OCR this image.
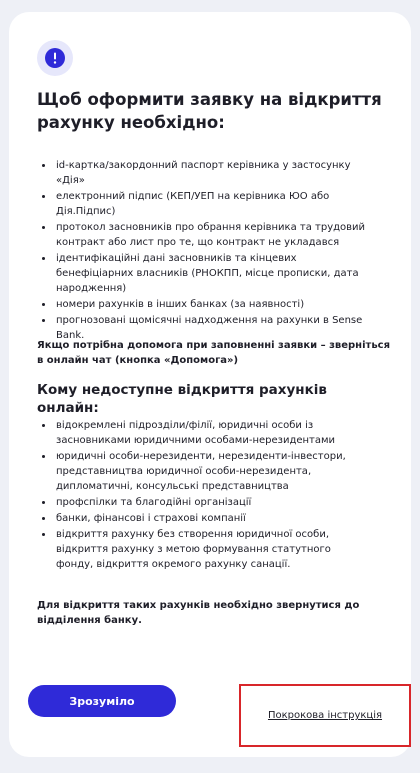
Щоб оформити заявку на відкриття рахунку необхідно:
id-картка/закордонний паспорт керівника у застосунку «Дія»
електронний підпис (КЕП/УЕП на керівника ЮО або Дія.Підпис)
протокол засновників про обрання керівника та трудовий контракт або лист про те, що контракт не укладався
ідентифікаційні дані засновників та кінцевих бенефіціарних власників (РНОКПП, місце прописки, дата народження)
номери рахунків в інших банках (за наявності)
прогнозовані щомісячні надходження на рахунки в Sense Bank.

Якщо потрібна допомога при заповненні заявки – зверніться в онлайн чат (кнопка «Допомога»)

Кому недоступне відкриття рахунків онлайн:
відокремлені підрозділи/філії, юридичні особи із засновниками юридичними особами-нерезидентами
юридичні особи-нерезиденти, нерезиденти-інвестори, представництва юридичної особи-нерезидента, дипломатичні, консульські представництва
профспілки та благодійні організації
банки, фінансові і страхові компанії
відкриття рахунку без створення юридичної особи, відкриття рахунку з метою формування статутного фонду, відкриття окремого рахунку санації.

Для відкриття таких рахунків необхідно звернутися до відділення банку.

Зрозуміло
Покрокова інструкція
